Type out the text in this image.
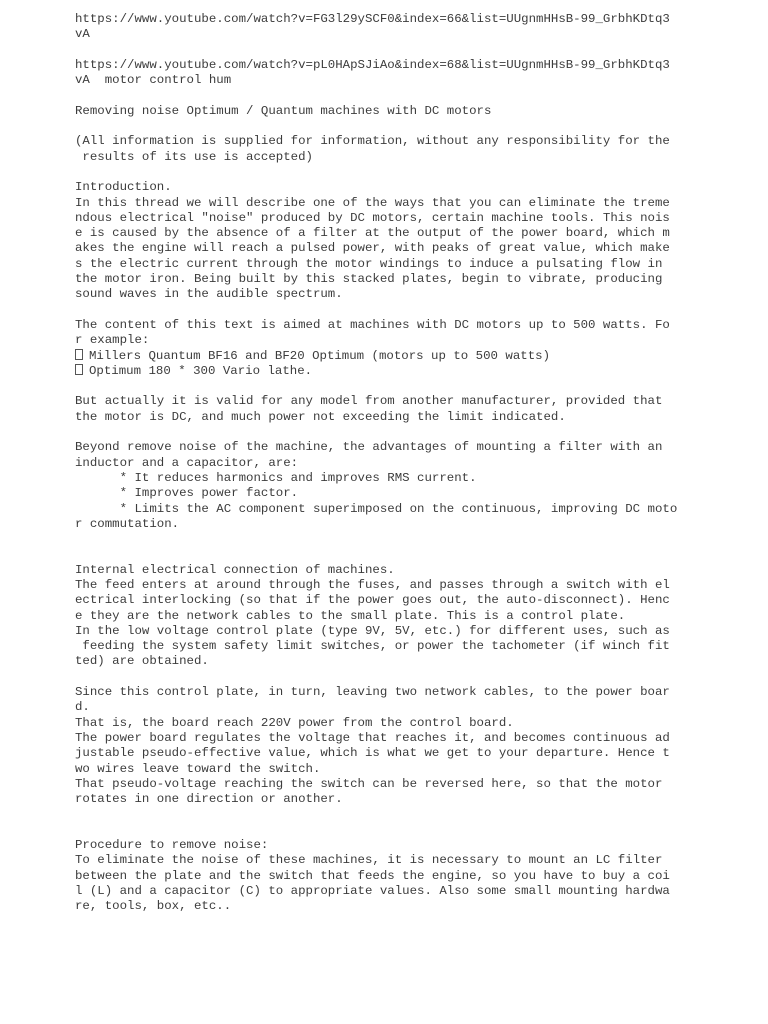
https://www.youtube.com/watch?v=FG3l29ySCF0&index=66&list=UUgnmHHsB-99_GrbhKDtq3
vA
https://www.youtube.com/watch?v=pL0HApSJiAo&index=68&list=UUgnmHHsB-99_GrbhKDtq3
vA  motor control hum
Removing noise Optimum / Quantum machines with DC motors
(All information is supplied for information, without any responsibility for the
results of its use is accepted)
Introduction.
In this thread we will describe one of the ways that you can eliminate the treme
ndous electrical "noise" produced by DC motors, certain machine tools. This nois
e is caused by the absence of a filter at the output of the power board, which m
akes the engine will reach a pulsed power, with peaks of great value, which make
s the electric current through the motor windings to induce a pulsating flow in
the motor iron. Being built by this stacked plates, begin to vibrate, producing
sound waves in the audible spectrum.
The content of this text is aimed at machines with DC motors up to 500 watts. Fo
r example:
Millers Quantum BF16 and BF20 Optimum (motors up to 500 watts)
Optimum 180 * 300 Vario lathe.
But actually it is valid for any model from another manufacturer, provided that
the motor is DC, and much power not exceeding the limit indicated.
Beyond remove noise of the machine, the advantages of mounting a filter with an
inductor and a capacitor, are:
* It reduces harmonics and improves RMS current.
* Improves power factor.
* Limits the AC component superimposed on the continuous, improving DC moto
r commutation.
Internal electrical connection of machines.
The feed enters at around through the fuses, and passes through a switch with el
ectrical interlocking (so that if the power goes out, the auto-disconnect). Henc
e they are the network cables to the small plate. This is a control plate.
In the low voltage control plate (type 9V, 5V, etc.) for different uses, such as
feeding the system safety limit switches, or power the tachometer (if winch fit
ted) are obtained.
Since this control plate, in turn, leaving two network cables, to the power boar
d.
That is, the board reach 220V power from the control board.
The power board regulates the voltage that reaches it, and becomes continuous ad
justable pseudo-effective value, which is what we get to your departure. Hence t
wo wires leave toward the switch.
That pseudo-voltage reaching the switch can be reversed here, so that the motor
rotates in one direction or another.
Procedure to remove noise:
To eliminate the noise of these machines, it is necessary to mount an LC filter
between the plate and the switch that feeds the engine, so you have to buy a coi
l (L) and a capacitor (C) to appropriate values. Also some small mounting hardwa
re, tools, box, etc..
